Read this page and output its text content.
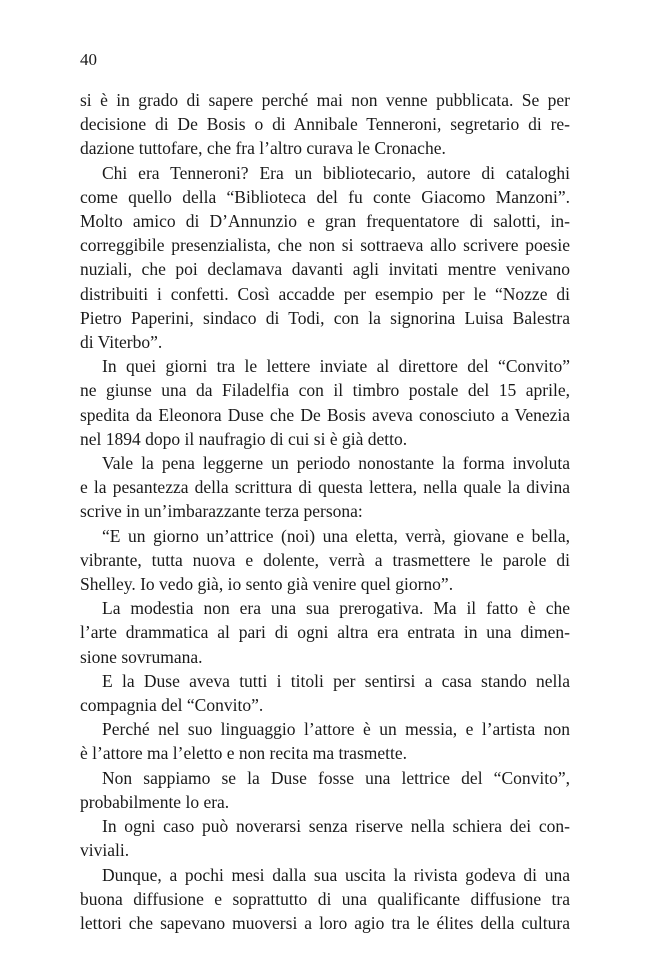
40
si è in grado di sapere perché mai non venne pubblicata. Se per
decisione di De Bosis o di Annibale Tenneroni, segretario di re-
dazione tuttofare, che fra l’altro curava le Cronache.
Chi era Tenneroni? Era un bibliotecario, autore di cataloghi
come quello della “Biblioteca del fu conte Giacomo Manzoni”.
Molto amico di D’Annunzio e gran frequentatore di salotti, in-
correggibile presenzialista, che non si sottraeva allo scrivere poesie
nuziali, che poi declamava davanti agli invitati mentre venivano
distribuiti i confetti. Così accadde per esempio per le “Nozze di
Pietro Paperini, sindaco di Todi, con la signorina Luisa Balestra
di Viterbo”.
In quei giorni tra le lettere inviate al direttore del “Convito”
ne giunse una da Filadelfia con il timbro postale del 15 aprile,
spedita da Eleonora Duse che De Bosis aveva conosciuto a Venezia
nel 1894 dopo il naufragio di cui si è già detto.
Vale la pena leggerne un periodo nonostante la forma involuta
e la pesantezza della scrittura di questa lettera, nella quale la divina
scrive in un’imbarazzante terza persona:
“E un giorno un’attrice (noi) una eletta, verrà, giovane e bella,
vibrante, tutta nuova e dolente, verrà a trasmettere le parole di
Shelley. Io vedo già, io sento già venire quel giorno”.
La modestia non era una sua prerogativa. Ma il fatto è che
l’arte drammatica al pari di ogni altra era entrata in una dimen-
sione sovrumana.
E la Duse aveva tutti i titoli per sentirsi a casa stando nella
compagnia del “Convito”.
Perché nel suo linguaggio l’attore è un messia, e l’artista non
è l’attore ma l’eletto e non recita ma trasmette.
Non sappiamo se la Duse fosse una lettrice del “Convito”,
probabilmente lo era.
In ogni caso può noverarsi senza riserve nella schiera dei con-
viviali.
Dunque, a pochi mesi dalla sua uscita la rivista godeva di una
buona diffusione e soprattutto di una qualificante diffusione tra
lettori che sapevano muoversi a loro agio tra le élites della cultura
